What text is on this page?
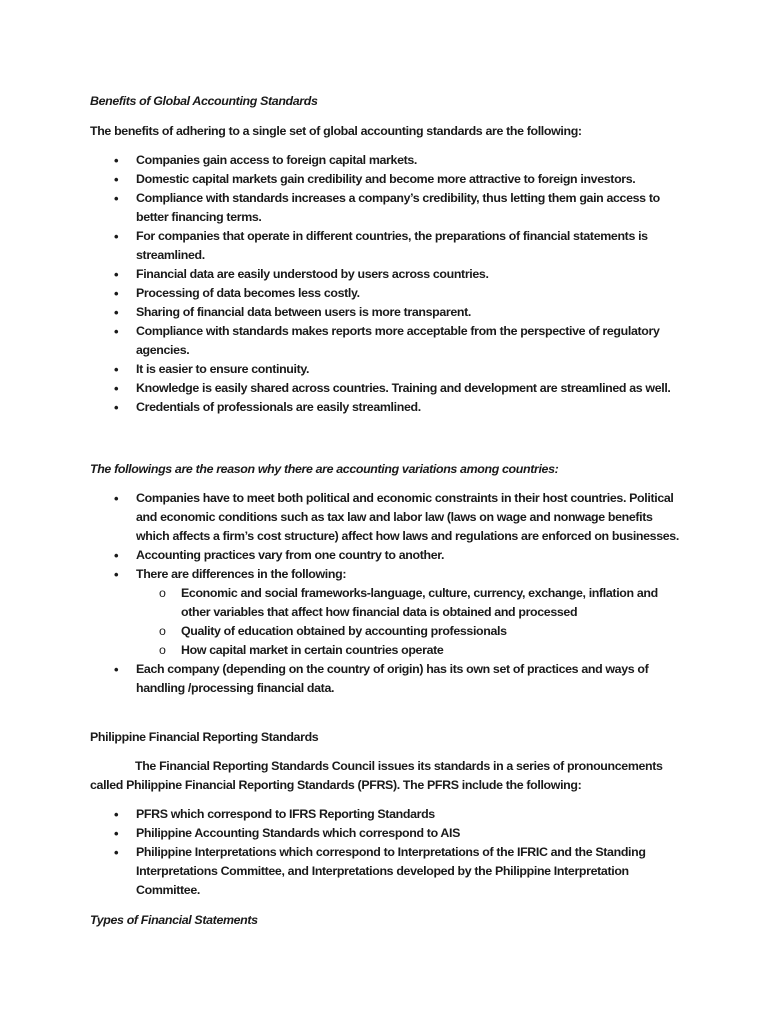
Benefits of Global Accounting Standards
The benefits of adhering to a single set of global accounting standards are the following:
• Companies gain access to foreign capital markets.
• Domestic capital markets gain credibility and become more attractive to foreign investors.
• Compliance with standards increases a company’s credibility, thus letting them gain access to better financing terms.
• For companies that operate in different countries, the preparations of financial statements is streamlined.
• Financial data are easily understood by users across countries.
• Processing of data becomes less costly.
• Sharing of financial data between users is more transparent.
• Compliance with standards makes reports more acceptable from the perspective of regulatory agencies.
• It is easier to ensure continuity.
• Knowledge is easily shared across countries. Training and development are streamlined as well.
• Credentials of professionals are easily streamlined.
The followings are the reason why there are accounting variations among countries:
• Companies have to meet both political and economic constraints in their host countries. Political and economic conditions such as tax law and labor law (laws on wage and nonwage benefits which affects a firm’s cost structure) affect how laws and regulations are enforced on businesses.
• Accounting practices vary from one country to another.
• There are differences in the following:
o Economic and social frameworks-language, culture, currency, exchange, inflation and other variables that affect how financial data is obtained and processed
o Quality of education obtained by accounting professionals
o How capital market in certain countries operate
• Each company (depending on the country of origin) has its own set of practices and ways of handling /processing financial data.
Philippine Financial Reporting Standards
The Financial Reporting Standards Council issues its standards in a series of pronouncements called Philippine Financial Reporting Standards (PFRS). The PFRS include the following:
• PFRS which correspond to IFRS Reporting Standards
• Philippine Accounting Standards which correspond to AIS
• Philippine Interpretations which correspond to Interpretations of the IFRIC and the Standing Interpretations Committee, and Interpretations developed by the Philippine Interpretation Committee.
Types of Financial Statements
